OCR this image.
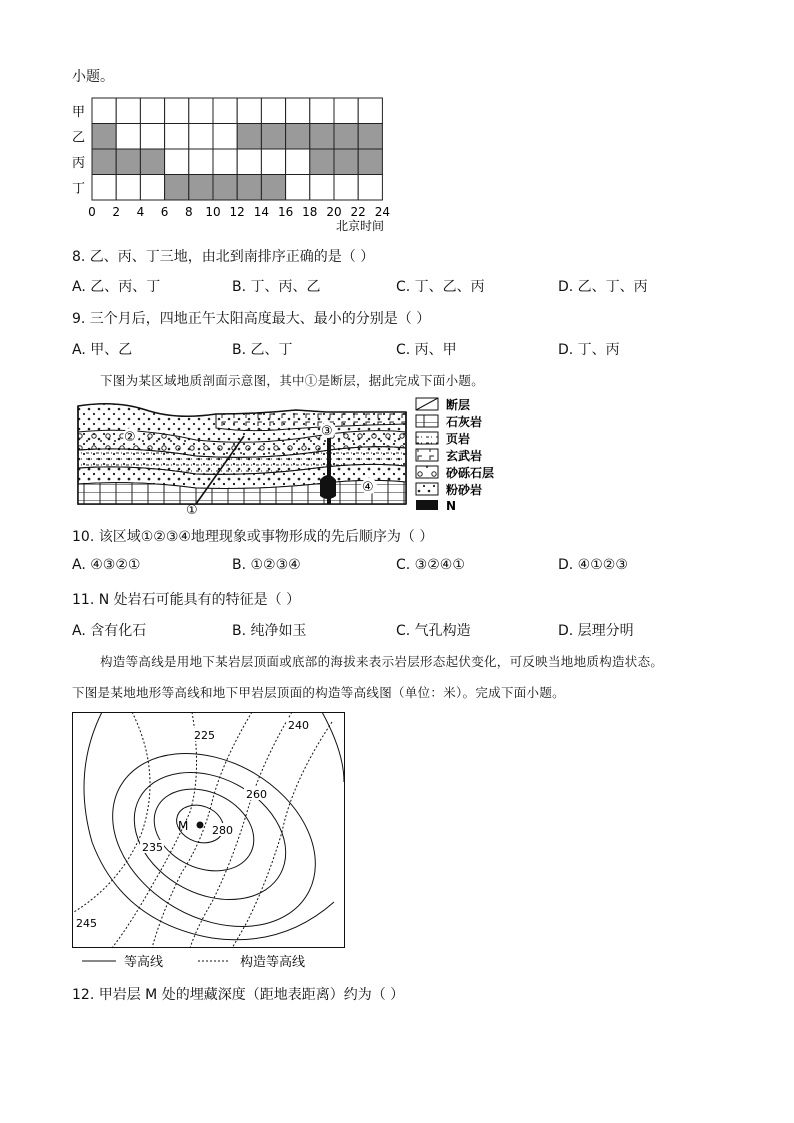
小题。
甲
乙
丙
丁
0 2 4 6 8 10 12 14 16 18 20 22 24
北京时间
8. 乙、丙、丁三地，由北到南排序正确的是（ ）
A. 乙、丙、丁	B. 丁、丙、乙	C. 丁、乙、丙	D. 乙、丁、丙
9. 三个月后，四地正午太阳高度最大、最小的分别是（ ）
A. 甲、乙	B. 乙、丁	C. 丙、甲	D. 丁、丙
下图为某区域地质剖面示意图，其中①是断层，据此完成下面小题。
②	③
④
①
断层
石灰岩
页岩
玄武岩
砂砾石层
粉砂岩
N
10. 该区域①②③④地理现象或事物形成的先后顺序为（ ）
A. ④③②①	B. ①②③④	C. ③②④①	D. ④①②③
11. N 处岩石可能具有的特征是（ ）
A. 含有化石	B. 纯净如玉	C. 气孔构造	D. 层理分明
构造等高线是用地下某岩层顶面或底部的海拔来表示岩层形态起伏变化，可反映当地地质构造状态。
下图是某地地形等高线和地下甲岩层顶面的构造等高线图（单位：米）。完成下面小题。
225
240
260
280
235
245
M
等高线	构造等高线
12. 甲岩层 M 处的埋藏深度（距地表距离）约为（ ）
